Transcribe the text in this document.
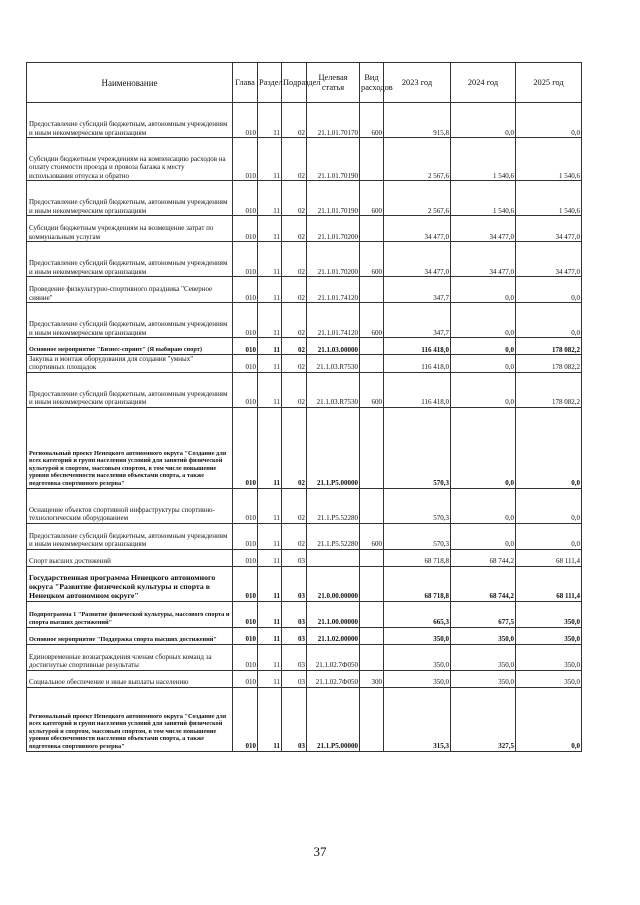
Наименование	Глава	Раздел	Подраздел	Целевая статья	Вид расходов	2023 год	2024 год	2025 год
Предоставление субсидий бюджетным, автономным учреждениям и иным некоммерческим организациям	010	11	02	21.1.01.70170	600	915,8	0,0	0,0
Субсидии бюджетным учреждениям на компенсацию расходов на оплату стоимости проезда и провоза багажа к месту использования отпуска и обратно	010	11	02	21.1.01.70190		2 567,6	1 540,6	1 540,6
Предоставление субсидий бюджетным, автономным учреждениям и иным некоммерческим организациям	010	11	02	21.1.01.70190	600	2 567,6	1 540,6	1 540,6
Субсидии бюджетным учреждениям на возмещение затрат по коммунальным услугам	010	11	02	21.1.01.70200		34 477,0	34 477,0	34 477,0
Предоставление субсидий бюджетным, автономным учреждениям и иным некоммерческим организациям	010	11	02	21.1.01.70200	600	34 477,0	34 477,0	34 477,0
Проведение физкультурно-спортивного праздника "Северное сияние"	010	11	02	21.1.01.74120		347,7	0,0	0,0
Предоставление субсидий бюджетным, автономным учреждениям и иным некоммерческим организациям	010	11	02	21.1.01.74120	600	347,7	0,0	0,0
Основное мероприятие "Бизнес-спринт" (Я выбираю спорт)	010	11	02	21.1.03.00000		116 418,0	0,0	178 082,2
Закупка и монтаж оборудования для создания "умных" спортивных площадок	010	11	02	21.1.03.R7530		116 418,0	0,0	178 082,2
Предоставление субсидий бюджетным, автономным учреждениям и иным некоммерческим организациям	010	11	02	21.1.03.R7530	600	116 418,0	0,0	178 082,2
Региональный проект Ненецкого автономного округа "Создание для всех категорий и групп населения условий для занятий физической культурой и спортом, массовым спортом, в том числе повышение уровня обеспеченности населения объектами спорта, а также подготовка спортивного резерва"	010	11	02	21.1.P5.00000		570,3	0,0	0,0
Оснащение объектов спортивной инфраструктуры спортивно-технологическим оборудованием	010	11	02	21.1.P5.52280		570,3	0,0	0,0
Предоставление субсидий бюджетным, автономным учреждениям и иным некоммерческим организациям	010	11	02	21.1.P5.52280	600	570,3	0,0	0,0
Спорт высших достижений	010	11	03			68 718,8	68 744,2	68 111,4
Государственная программа Ненецкого автономного округа "Развитие физической культуры и спорта в Ненецком автономном округе"	010	11	03	21.0.00.00000		68 718,8	68 744,2	68 111,4
Подпрограмма 1 "Развитие физической культуры, массового спорта и спорта высших достижений"	010	11	03	21.1.00.00000		665,3	677,5	350,0
Основное мероприятие "Поддержка спорта высших достижений"	010	11	03	21.1.02.00000		350,0	350,0	350,0
Единовременные вознаграждения членам сборных команд за достигнутые спортивные результаты	010	11	03	21.1.02.7Ф050		350,0	350,0	350,0
Социальное обеспечение и иные выплаты населению	010	11	03	21.1.02.7Ф050	300	350,0	350,0	350,0
Региональный проект Ненецкого автономного округа "Создание для всех категорий и групп населения условий для занятий физической культурой и спортом, массовым спортом, в том числе повышение уровня обеспеченности населения объектами спорта, а также подготовка спортивного резерва"	010	11	03	21.1.P5.00000		315,3	327,5	0,0
37
